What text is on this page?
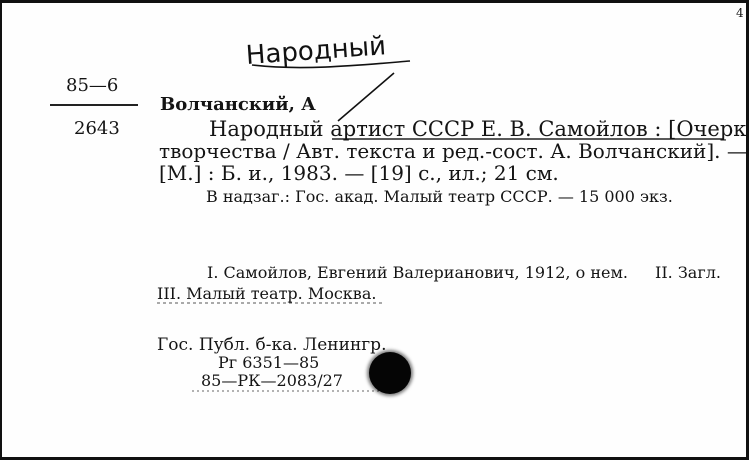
4
Народный
85—6
2643
Волчанский, А
Народный артист СССР Е. В. Самойлов : [Очерк
творчества / Авт. текста и ред.-сост. А. Волчанский]. —
[М.] : Б. и., 1983. — [19] с., ил.; 21 см.
В надзаг.: Гос. акад. Малый театр СССР. — 15 000 экз.
I. Самойлов, Евгений Валерианович, 1912, о нем. II. Загл.
III. Малый театр. Москва.
Гос. Публ. б-ка. Ленингр.
Рг 6351—85
85—РК—2083/27
